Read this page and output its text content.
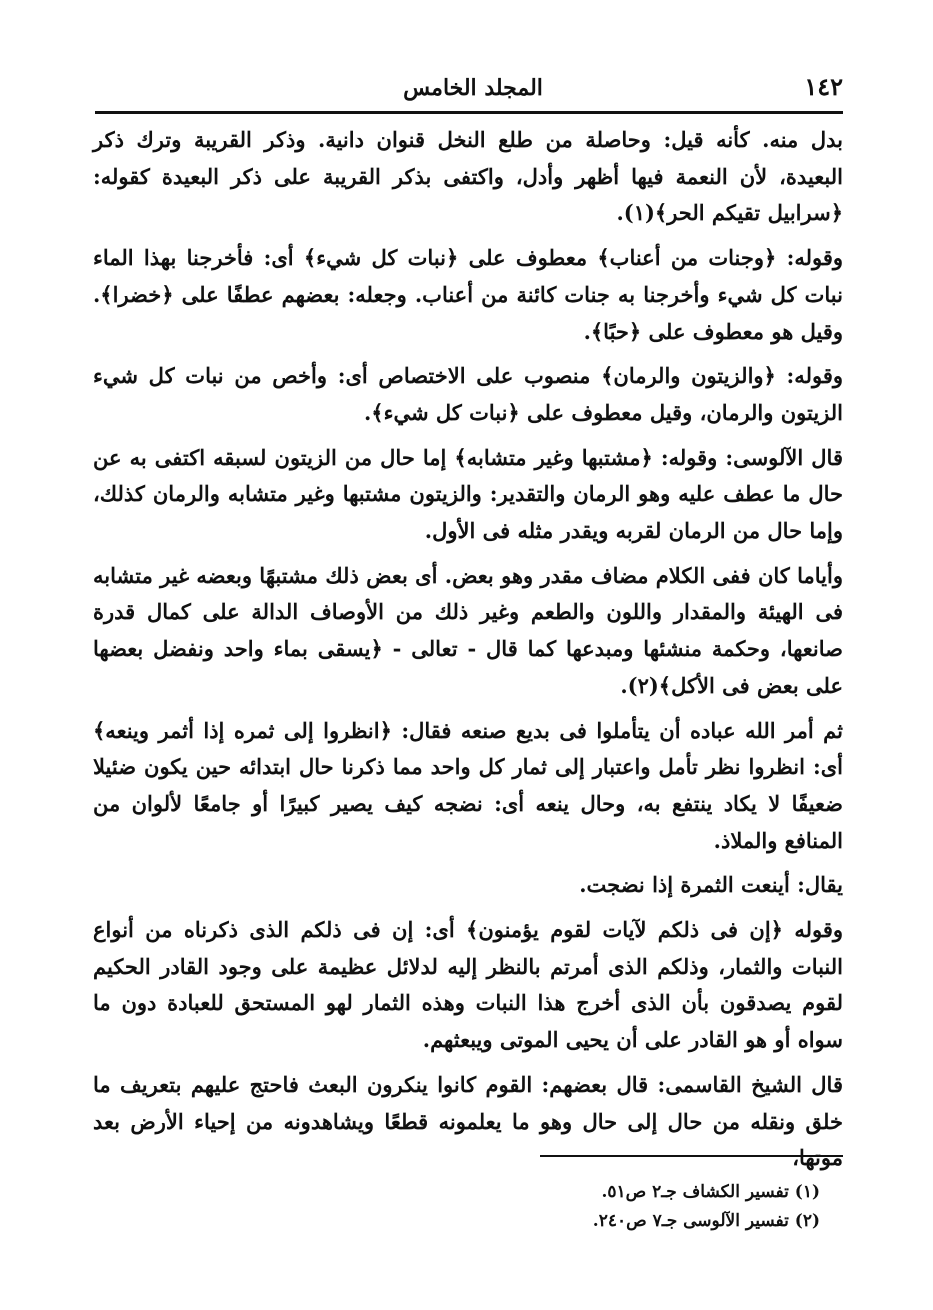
١٤٢
المجلد الخامس

بدل منه. كأنه قيل: وحاصلة من طلع النخل قنوان دانية. وذكر القريبة وترك ذكر البعيدة، لأن النعمة فيها أظهر وأدل، واكتفى بذكر القريبة على ذكر البعيدة كقوله: ﴿سرابيل تقيكم الحر﴾(١).

وقوله: ﴿وجنات من أعناب﴾ معطوف على ﴿نبات كل شيء﴾ أى: فأخرجنا بهذا الماء نبات كل شيء وأخرجنا به جنات كائنة من أعناب. وجعله: بعضهم عطفًا على ﴿خضرا﴾. وقيل هو معطوف على ﴿حبًا﴾.

وقوله: ﴿والزيتون والرمان﴾ منصوب على الاختصاص أى: وأخص من نبات كل شيء الزيتون والرمان، وقيل معطوف على ﴿نبات كل شيء﴾.

قال الآلوسى: وقوله: ﴿مشتبها وغير متشابه﴾ إما حال من الزيتون لسبقه اكتفى به عن حال ما عطف عليه وهو الرمان والتقدير: والزيتون مشتبها وغير متشابه والرمان كذلك، وإما حال من الرمان لقربه ويقدر مثله فى الأول.

وأياما كان ففى الكلام مضاف مقدر وهو بعض. أى بعض ذلك مشتبهًا وبعضه غير متشابه فى الهيئة والمقدار واللون والطعم وغير ذلك من الأوصاف الدالة على كمال قدرة صانعها، وحكمة منشئها ومبدعها كما قال - تعالى - ﴿يسقى بماء واحد ونفضل بعضها على بعض فى الأكل﴾(٢).

ثم أمر الله عباده أن يتأملوا فى بديع صنعه فقال: ﴿انظروا إلى ثمره إذا أثمر وينعه﴾ أى: انظروا نظر تأمل واعتبار إلى ثمار كل واحد مما ذكرنا حال ابتدائه حين يكون ضئيلا ضعيفًا لا يكاد ينتفع به، وحال ينعه أى: نضجه كيف يصير كبيرًا أو جامعًا لألوان من المنافع والملاذ.

يقال: أينعت الثمرة إذا نضجت.

وقوله ﴿إن فى ذلكم لآيات لقوم يؤمنون﴾ أى: إن فى ذلكم الذى ذكرناه من أنواع النبات والثمار، وذلكم الذى أمرتم بالنظر إليه لدلائل عظيمة على وجود القادر الحكيم لقوم يصدقون بأن الذى أخرج هذا النبات وهذه الثمار لهو المستحق للعبادة دون ما سواه أو هو القادر على أن يحيى الموتى ويبعثهم.

قال الشيخ القاسمى: قال بعضهم: القوم كانوا ينكرون البعث فاحتج عليهم بتعريف ما خلق ونقله من حال إلى حال وهو ما يعلمونه قطعًا ويشاهدونه من إحياء الأرض بعد موتها،

(١) تفسير الكشاف جـ٢ ص٥١.

(٢) تفسير الآلوسى جـ٧ ص٢٤٠.
